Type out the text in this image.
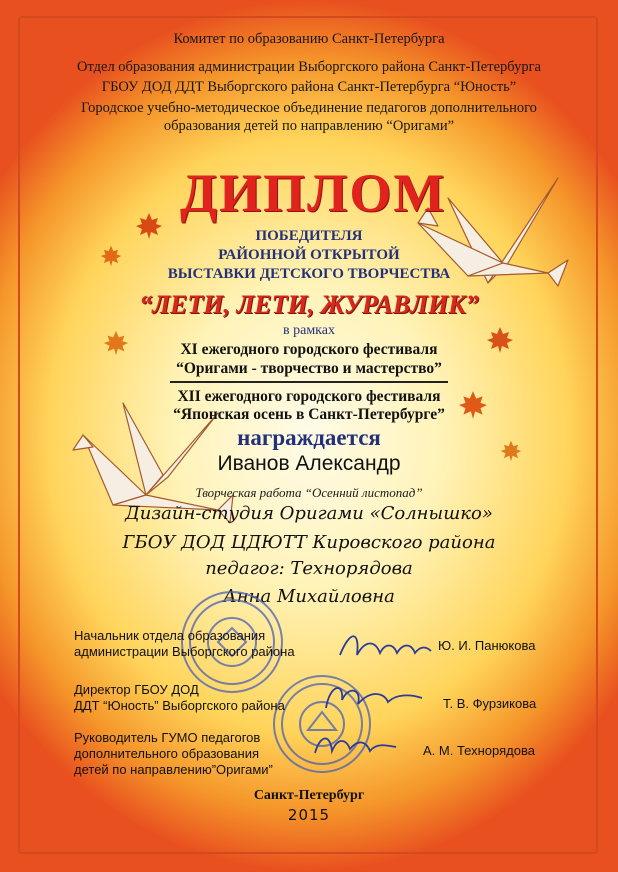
Комитет по образованию Санкт-Петербурга

Отдел образования администрации Выборгского района Санкт-Петербурга

ГБОУ ДОД ДДТ Выборгского района Санкт-Петербурга “Юность”

Городское учебно-методическое объединение педагогов дополнительного

образования детей по направлению “Оригами”

ДИПЛОМ

ПОБЕДИТЕЛЯ

РАЙОННОЙ ОТКРЫТОЙ

ВЫСТАВКИ ДЕТСКОГО ТВОРЧЕСТВА

“ЛЕТИ, ЛЕТИ, ЖУРАВЛИК”

в рамках

XI ежегодного городского фестиваля

“Оригами - творчество и мастерство”

XII ежегодного городского фестиваля

“Японская осень в Санкт-Петербурге”

награждается

Иванов Александр

Творческая работа “Осенний листопад”

Дизайн-студия Оригами «Солнышко»

ГБОУ ДОД ЦДЮТТ Кировского района

педагог: Технорядова

Анна Михайловна

Начальник отдела образования
администрации Выборгского района	Ю. И. Панюкова
Директор ГБОУ ДОД
ДДТ “Юность” Выборгского района	Т. В. Фурзикова
Руководитель ГУМО педагогов
дополнительного образования
детей по направлению”Оригами”
А. М. Технорядова

Санкт-Петербург

2015
